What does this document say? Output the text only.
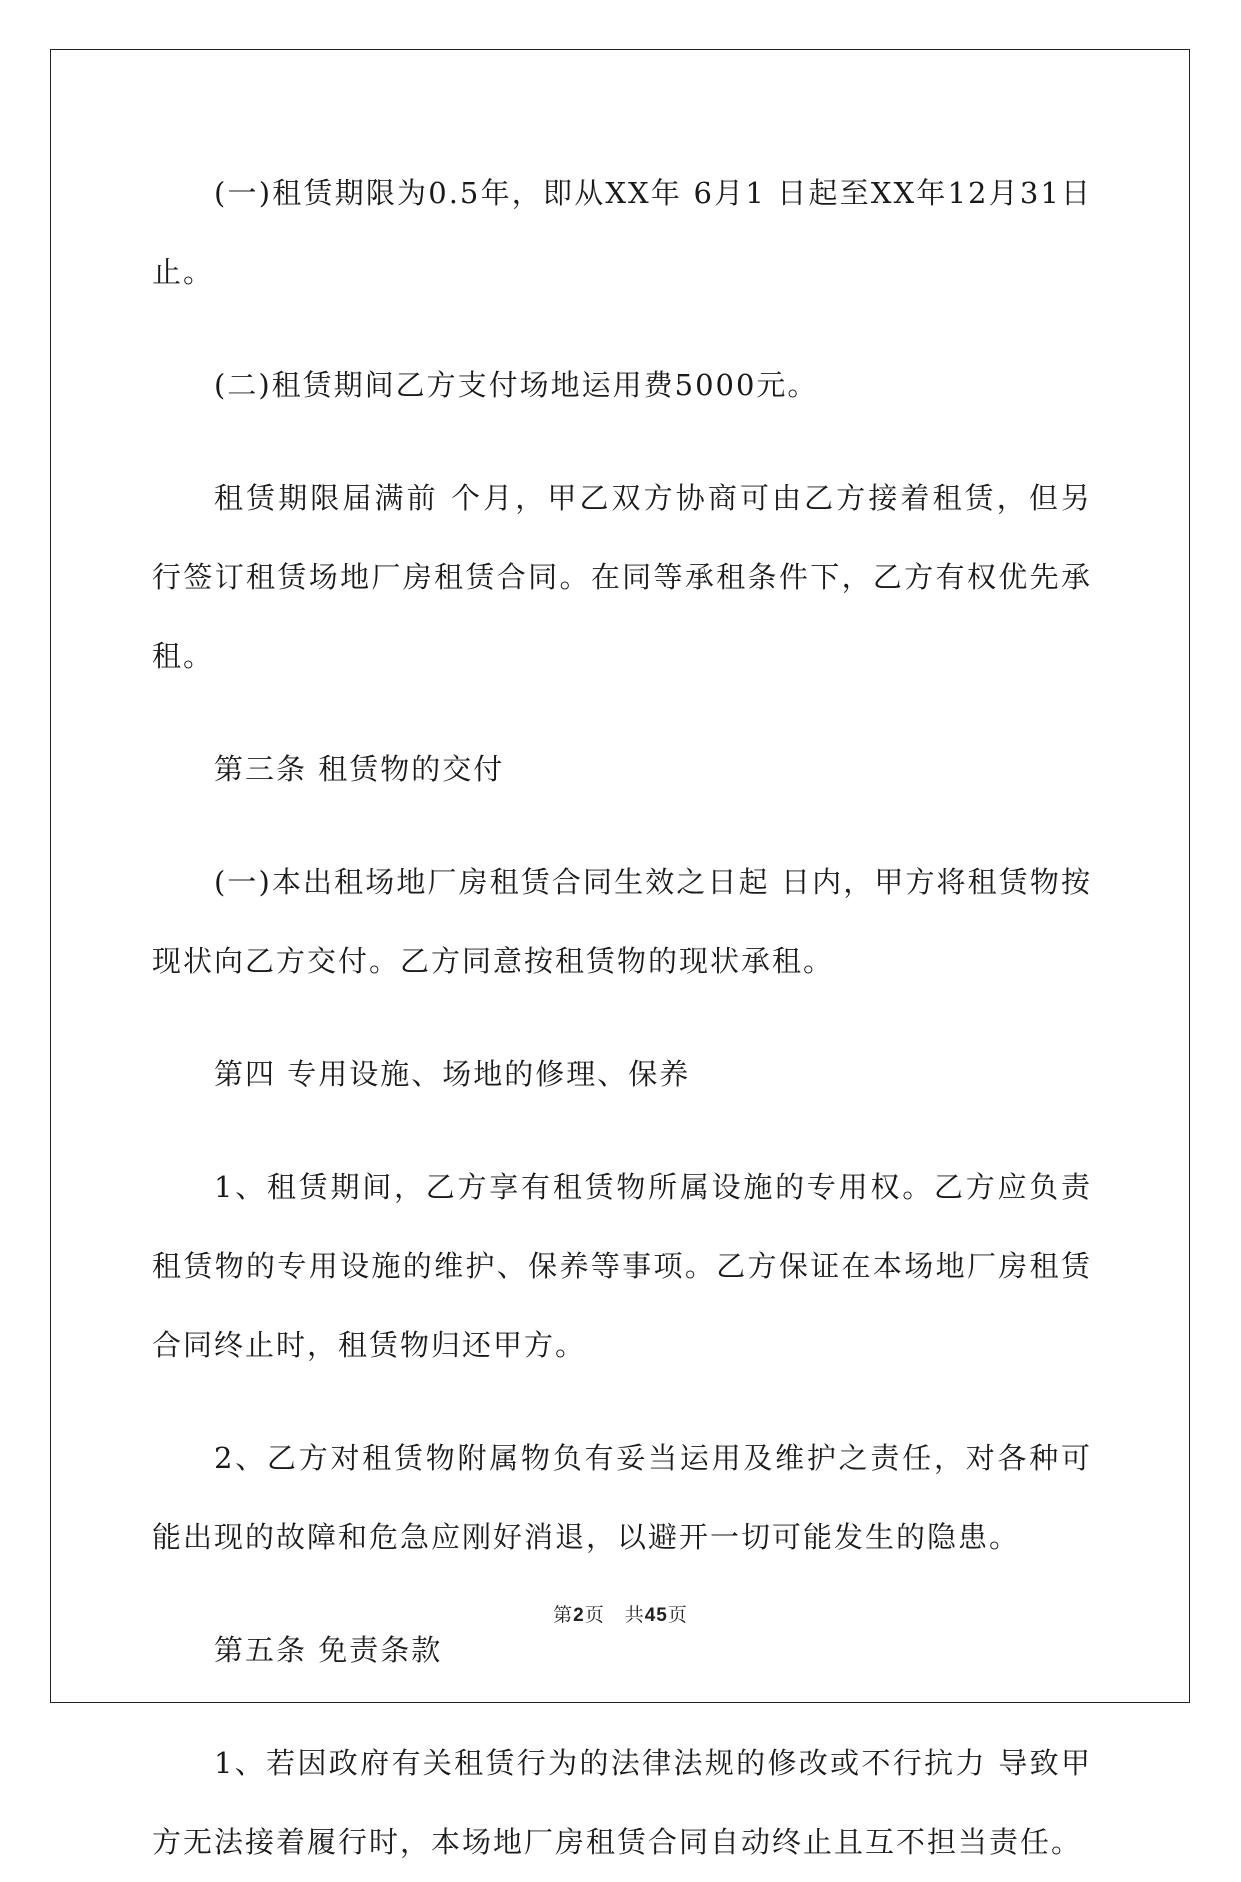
(一)租赁期限为0.5年，即从XX年 6月1 日起至XX年12月31日止。

(二)租赁期间乙方支付场地运用费5000元。

租赁期限届满前 个月，甲乙双方协商可由乙方接着租赁，但另行签订租赁场地厂房租赁合同。在同等承租条件下，乙方有权优先承租。

第三条 租赁物的交付

(一)本出租场地厂房租赁合同生效之日起 日内，甲方将租赁物按现状向乙方交付。乙方同意按租赁物的现状承租。

第四 专用设施、场地的修理、保养

1、租赁期间，乙方享有租赁物所属设施的专用权。乙方应负责租赁物的专用设施的维护、保养等事项。乙方保证在本场地厂房租赁合同终止时，租赁物归还甲方。

2、乙方对租赁物附属物负有妥当运用及维护之责任，对各种可能出现的故障和危急应刚好消退，以避开一切可能发生的隐患。

第五条 免责条款

1、若因政府有关租赁行为的法律法规的修改或不行抗力 导致甲方无法接着履行时，本场地厂房租赁合同自动终止且互不担当责任。

第2页　共45页
